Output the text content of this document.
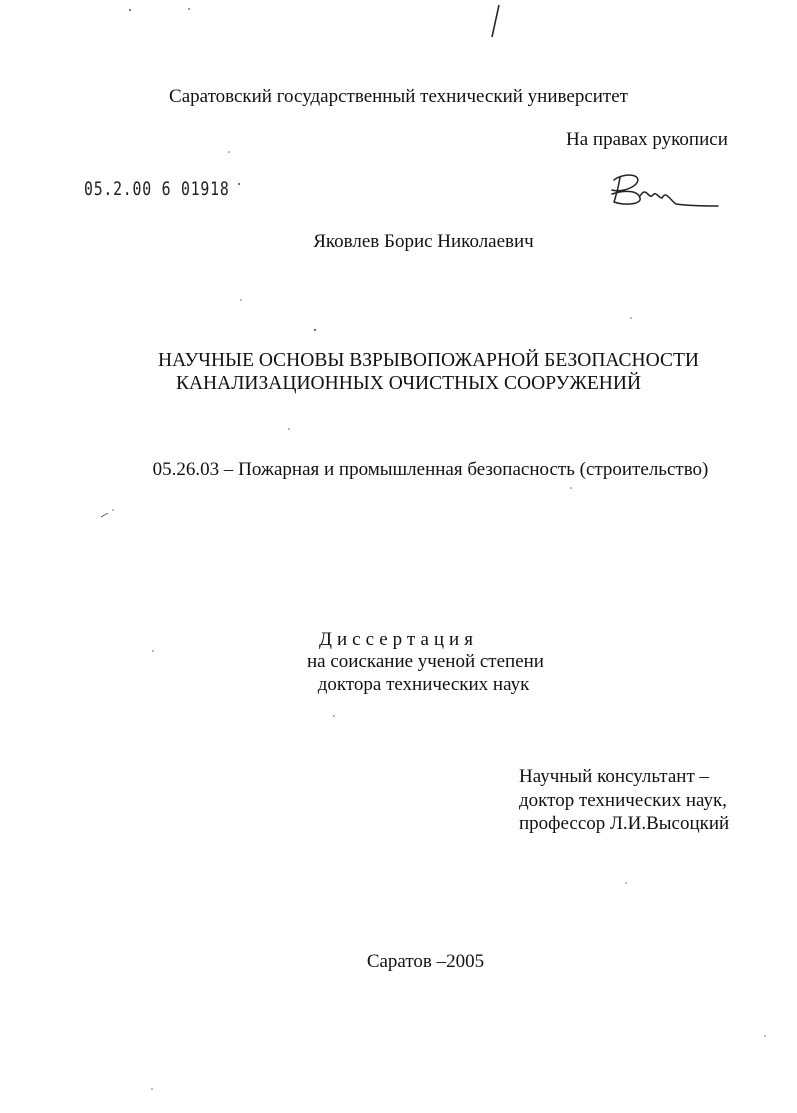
Саратовский государственный технический университет
На правах рукописи
05.2.00 6 01918
Яковлев Борис Николаевич
НАУЧНЫЕ ОСНОВЫ ВЗРЫВОПОЖАРНОЙ БЕЗОПАСНОСТИ
КАНАЛИЗАЦИОННЫХ ОЧИСТНЫХ СООРУЖЕНИЙ
05.26.03 – Пожарная и промышленная безопасность (строительство)
Диссертация
на соискание ученой степени
доктора технических наук
Научный консультант –
доктор технических наук,
профессор Л.И.Высоцкий
Саратов –2005
